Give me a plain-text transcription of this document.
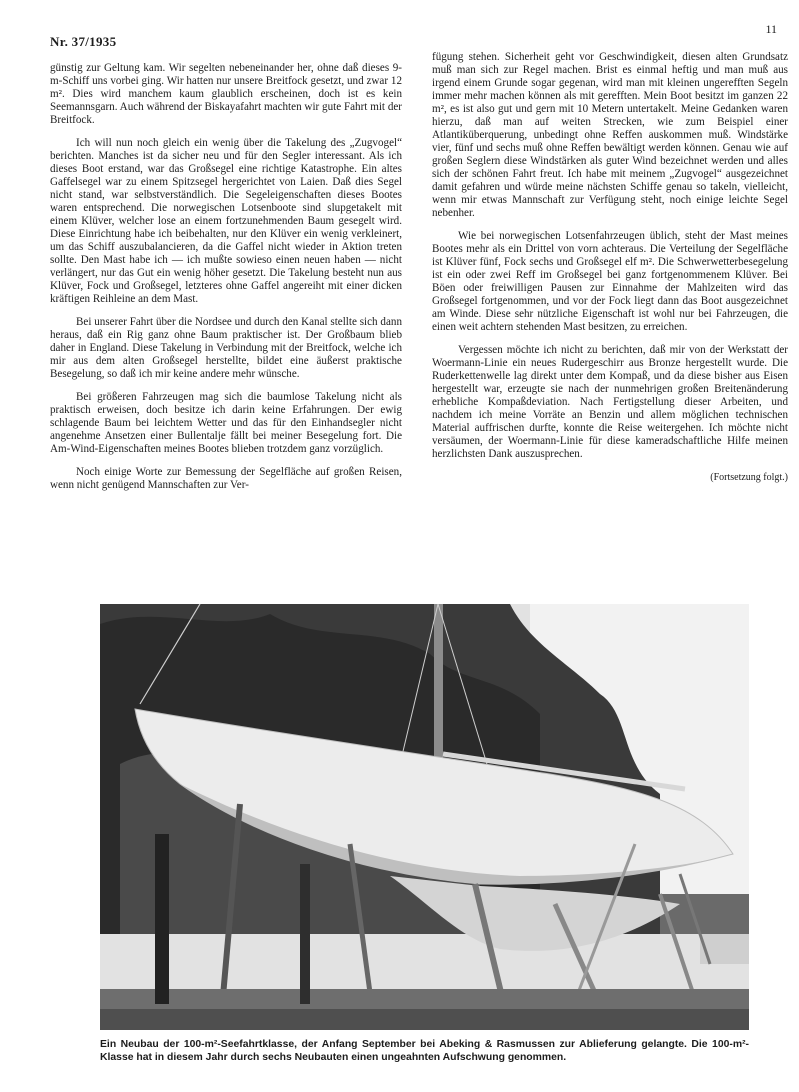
Nr. 37/1935
11

günstig zur Geltung kam. Wir segelten nebeneinander her, ohne daß dieses 9-m-Schiff uns vorbei ging. Wir hatten nur unsere Breitfock gesetzt, und zwar 12 m². Dies wird manchem kaum glaublich erscheinen, doch ist es kein Seemannsgarn. Auch während der Biskayafahrt machten wir gute Fahrt mit der Breitfock.

Ich will nun noch gleich ein wenig über die Takelung des „Zugvogel“ berichten. Manches ist da sicher neu und für den Segler interessant. Als ich dieses Boot erstand, war das Großsegel eine richtige Katastrophe. Ein altes Gaffelsegel war zu einem Spitzsegel hergerichtet von Laien. Daß dies Segel nicht stand, war selbstverständlich. Die Segeleigenschaften dieses Bootes waren entsprechend. Die norwegischen Lotsenboote sind slupgetakelt mit einem Klüver, welcher lose an einem fortzunehmenden Baum gesegelt wird. Diese Einrichtung habe ich beibehalten, nur den Klüver ein wenig verkleinert, um das Schiff auszubalancieren, da die Gaffel nicht wieder in Aktion treten sollte. Den Mast habe ich — ich mußte sowieso einen neuen haben — nicht verlängert, nur das Gut ein wenig höher gesetzt. Die Takelung besteht nun aus Klüver, Fock und Großsegel, letzteres ohne Gaffel angereiht mit einer dicken kräftigen Reihleine an dem Mast.

Bei unserer Fahrt über die Nordsee und durch den Kanal stellte sich dann heraus, daß ein Rig ganz ohne Baum praktischer ist. Der Großbaum blieb daher in England. Diese Takelung in Verbindung mit der Breitfock, welche ich mir aus dem alten Großsegel herstellte, bildet eine äußerst praktische Besegelung, so daß ich mir keine andere mehr wünsche.

Bei größeren Fahrzeugen mag sich die baumlose Takelung nicht als praktisch erweisen, doch besitze ich darin keine Erfahrungen. Der ewig schlagende Baum bei leichtem Wetter und das für den Einhandsegler nicht angenehme Ansetzen einer Bullentalje fällt bei meiner Besegelung fort. Die Am-Wind-Eigenschaften meines Bootes blieben trotzdem ganz vorzüglich.

Noch einige Worte zur Bemessung der Segelfläche auf großen Reisen, wenn nicht genügend Mannschaften zur Ver-

fügung stehen. Sicherheit geht vor Geschwindigkeit, diesen alten Grundsatz muß man sich zur Regel machen. Brist es einmal heftig und man muß aus irgend einem Grunde sogar gegenan, wird man mit kleinen ungerefften Segeln immer mehr machen können als mit gerefften. Mein Boot besitzt im ganzen 22 m², es ist also gut und gern mit 10 Metern untertakelt. Meine Gedanken waren hierzu, daß man auf weiten Strecken, wie zum Beispiel einer Atlantiküberquerung, unbedingt ohne Reffen auskommen muß. Windstärke vier, fünf und sechs muß ohne Reffen bewältigt werden können. Genau wie auf großen Seglern diese Windstärken als guter Wind bezeichnet werden und alles sich der schönen Fahrt freut. Ich habe mit meinem „Zugvogel“ ausgezeichnet damit gefahren und würde meine nächsten Schiffe genau so takeln, vielleicht, wenn mir etwas Mannschaft zur Verfügung steht, noch einige leichte Segel nebenher.

Wie bei norwegischen Lotsenfahrzeugen üblich, steht der Mast meines Bootes mehr als ein Drittel von vorn achteraus. Die Verteilung der Segelfläche ist Klüver fünf, Fock sechs und Großsegel elf m². Die Schwerwetterbesegelung ist ein oder zwei Reff im Großsegel bei ganz fortgenommenem Klüver. Bei Böen oder freiwilligen Pausen zur Einnahme der Mahlzeiten wird das Großsegel fortgenommen, und vor der Fock liegt dann das Boot ausgezeichnet am Winde. Diese sehr nützliche Eigenschaft ist wohl nur bei Fahrzeugen, die einen weit achtern stehenden Mast besitzen, zu erreichen.

Vergessen möchte ich nicht zu berichten, daß mir von der Werkstatt der Woermann-Linie ein neues Rudergeschirr aus Bronze hergestellt wurde. Die Ruderkettenwelle lag direkt unter dem Kompaß, und da diese bisher aus Eisen hergestellt war, erzeugte sie nach der nunmehrigen großen Breitenänderung erhebliche Kompaßdeviation. Nach Fertigstellung dieser Arbeiten, und nachdem ich meine Vorräte an Benzin und allem möglichen technischen Material auffrischen durfte, konnte die Reise weitergehen. Ich möchte nicht versäumen, der Woermann-Linie für diese kameradschaftliche Hilfe meinen herzlichsten Dank auszusprechen.

(Fortsetzung folgt.)
Ein Neubau der 100-m²-Seefahrtklasse, der Anfang September bei Abeking & Rasmussen zur Ablieferung gelangte. Die 100-m²-Klasse hat in diesem Jahr durch sechs Neubauten einen ungeahnten Aufschwung genommen.
